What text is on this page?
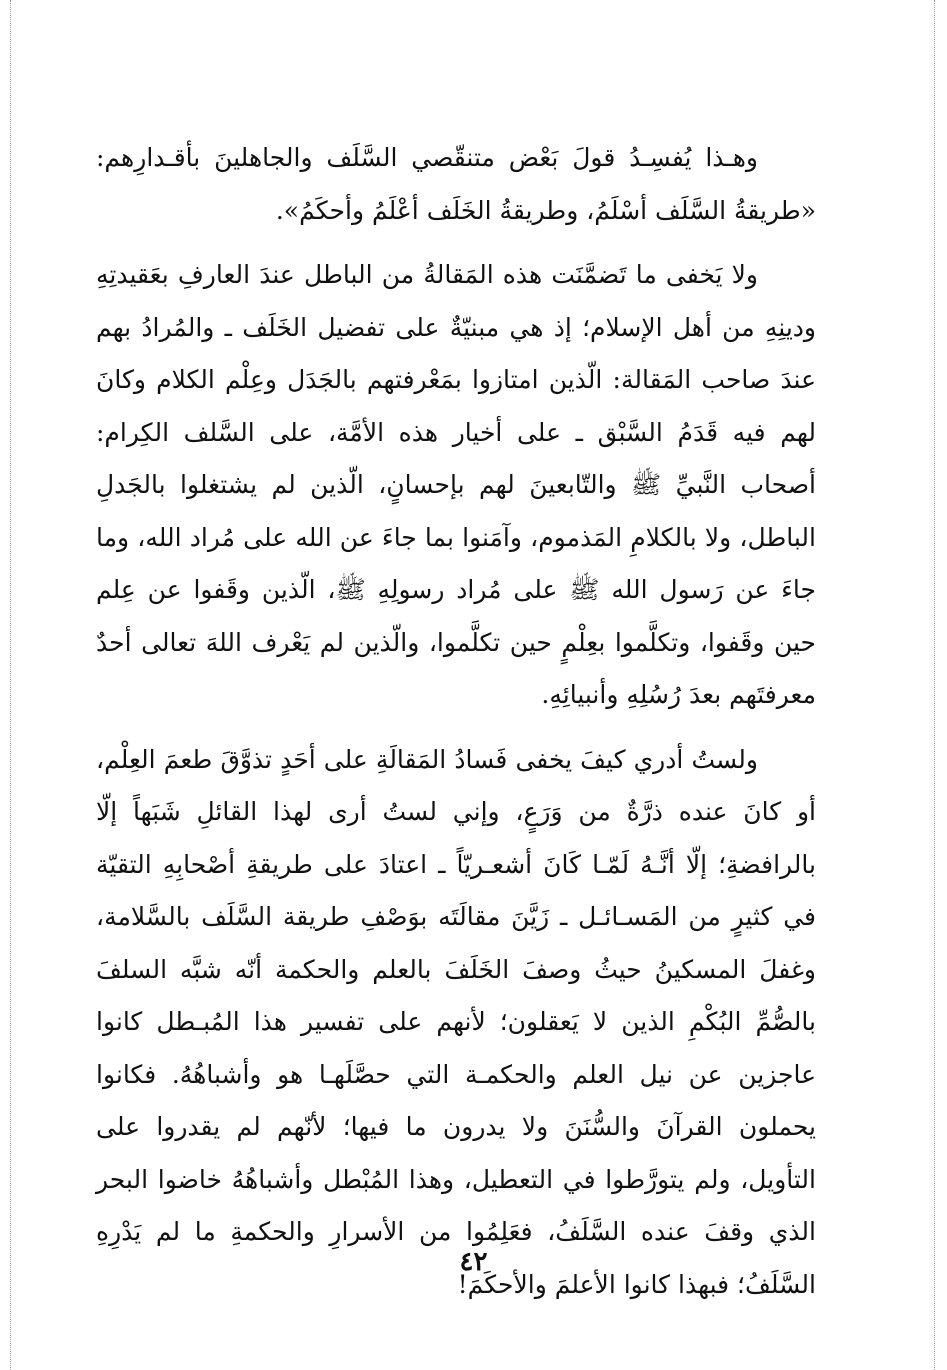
وهـذا يُفسِـدُ قولَ بَعْض متنقّصي السَّلَف والجاهلينَ بأقـدارِهم: «طريقةُ السَّلَف أسْلَمُ، وطريقةُ الخَلَف أعْلَمُ وأحكَمُ».

ولا يَخفى ما تَضمَّنَت هذه المَقالةُ من الباطل عندَ العارفِ بعَقيدتِهِ ودينِهِ من أهل الإسلام؛ إذ هي مبنيّةٌ على تفضيل الخَلَف ـ والمُرادُ بهم عندَ صاحب المَقالة: الّذين امتازوا بمَعْرفتهم بالجَدَل وعِلْم الكلام وكانَ لهم فيه قَدَمُ السَّبْق ـ على أخيار هذه الأمَّة، على السَّلف الكِرام: أصحاب النَّبيِّ ﷺ والتّابعينَ لهم بإحسانٍ، الّذين لم يشتغلوا بالجَدلِ الباطل، ولا بالكلامِ المَذموم، وآمَنوا بما جاءَ عن الله على مُراد الله، وما جاءَ عن رَسول الله ﷺ على مُراد رسولِهِ ﷺ، الّذين وقَفوا عن عِلم حين وقَفوا، وتكلَّموا بعِلْمٍ حين تكلَّموا، والّذين لم يَعْرف اللهَ تعالى أحدٌ معرفتَهم بعدَ رُسُلِهِ وأنبيائِهِ.

ولستُ أدري كيفَ يخفى فَسادُ المَقالَةِ على أحَدٍ تذوَّقَ طعمَ العِلْم، أو كانَ عنده ذرَّةٌ من وَرَعٍ، وإني لستُ أرى لهذا القائلِ شَبَهاً إلّا بالرافضةِ؛ إلّا أنَّـهُ لَمّـا كَانَ أشعـريّاً ـ اعتادَ على طريقةِ أصْحابِهِ التقيّة في كثيرٍ من المَسـائـل ـ زَيَّنَ مقالَتَه بوَصْفِ طريقة السَّلَف بالسَّلامة، وغفلَ المسكينُ حيثُ وصفَ الخَلَفَ بالعلم والحكمة أنّه شبَّه السلفَ بالصُّمِّ البُكْمِ الذين لا يَعقلون؛ لأنهم على تفسير هذا المُبـطل كانوا عاجزين عن نيل العلم والحكمـة التي حصَّلَهـا هو وأشباهُهُ. فكانوا يحملون القرآنَ والسُّنَنَ ولا يدرون ما فيها؛ لأنّهم لم يقدروا على التأويل، ولم يتورَّطوا في التعطيل، وهذا المُبْطل وأشباهُهُ خاضوا البحر الذي وقفَ عنده السَّلَفُ، فعَلِمُوا من الأسرارِ والحكمةِ ما لم يَدْرِهِ السَّلَفُ؛ فبهذا كانوا الأعلمَ والأحكَمَ!

٤٢
